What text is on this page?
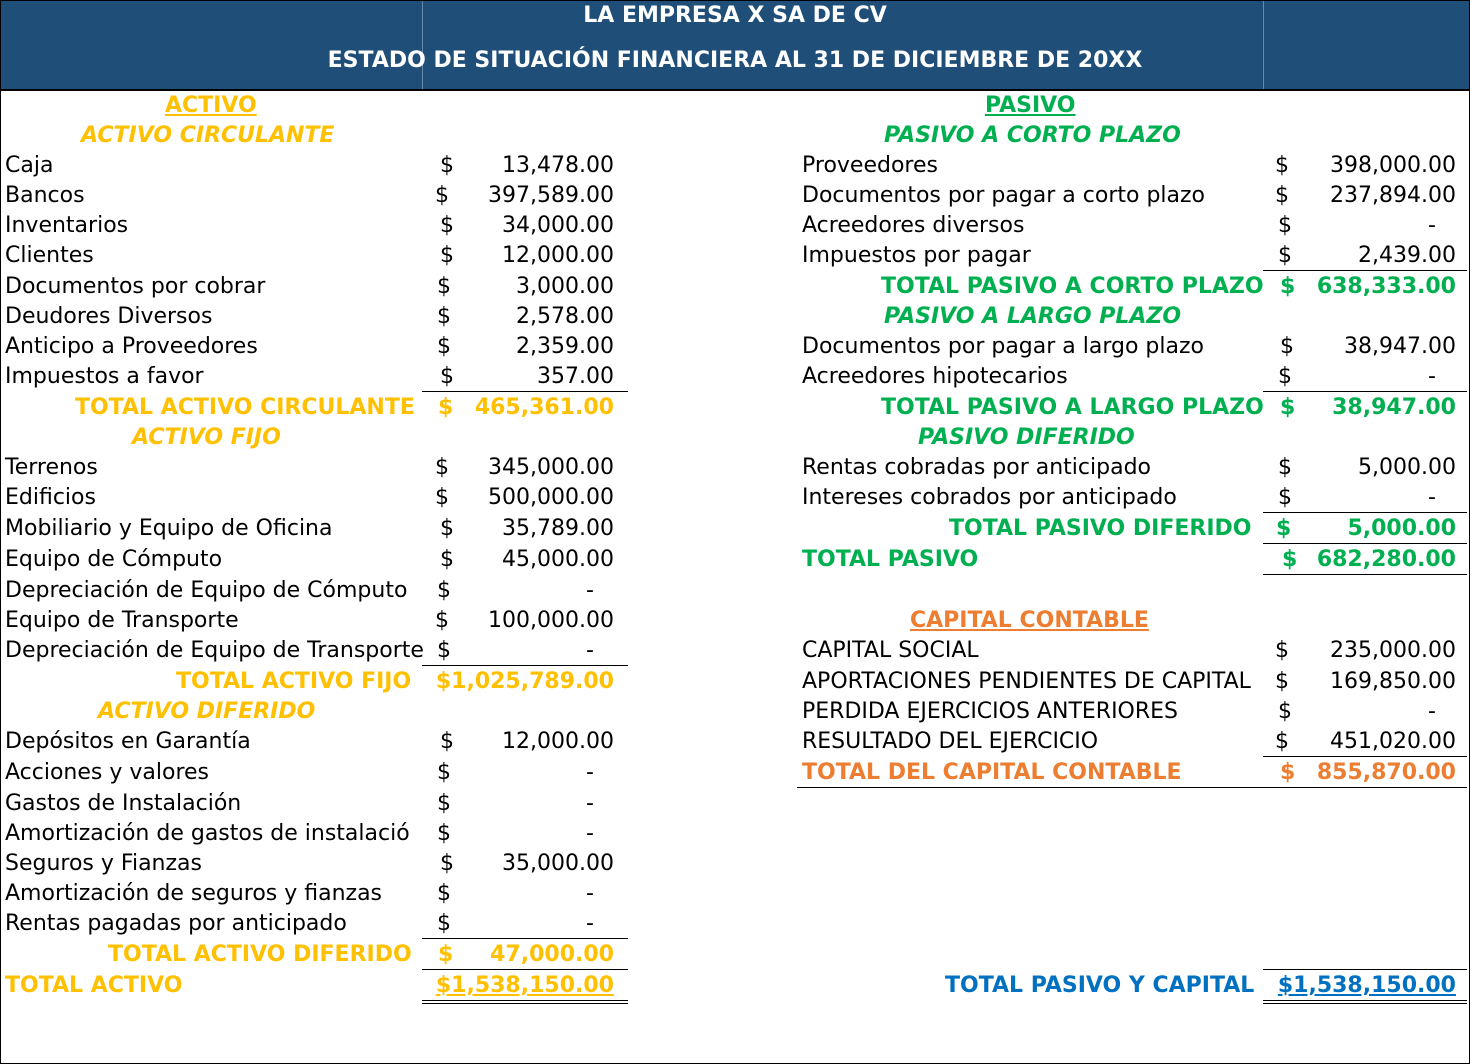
LA EMPRESA X SA DE CV
ESTADO DE SITUACIÓN FINANCIERA AL 31 DE DICIEMBRE DE 20XX
ACTIVO
ACTIVO CIRCULANTE
Caja	$ 13,478.00
Bancos	$ 397,589.00
Inventarios	$ 34,000.00
Clientes	$ 12,000.00
Documentos por cobrar	$	3,000.00
Deudores Diversos	$	2,578.00
Anticipo a Proveedores	$	2,359.00
Impuestos a favor	$	357.00
TOTAL ACTIVO CIRCULANTE $ 465,361.00
ACTIVO FIJO
Terrenos	$ 345,000.00
Edificios	$ 500,000.00
Mobiliario y Equipo de Oficina	$ 35,789.00
Equipo de Cómputo	$ 45,000.00
Depreciación de Equipo de Cómputo $	-
Equipo de Transporte	$ 100,000.00
Depreciación de Equipo de Transporte $	-
TOTAL ACTIVO FIJO $1,025,789.00
ACTIVO DIFERIDO
Depósitos en Garantía	$ 12,000.00
Acciones y valores	$	-
Gastos de Instalación	$	-
Amortización de gastos de instalació $	-
Seguros y Fianzas	$ 35,000.00
Amortización de seguros y fianzas $	-
Rentas pagadas por anticipado	$	-
TOTAL ACTIVO DIFERIDO $ 47,000.00
TOTAL ACTIVO	$1,538,150.00
PASIVO
PASIVO A CORTO PLAZO
Proveedores	$ 398,000.00
Documentos por pagar a corto plazo	$ 237,894.00
Acreedores diversos	$	-
Impuestos por pagar	$	2,439.00
TOTAL PASIVO A CORTO PLAZO $ 638,333.00
PASIVO A LARGO PLAZO
Documentos por pagar a largo plazo	$ 38,947.00
Acreedores hipotecarios	$	-
TOTAL PASIVO A LARGO PLAZO $ 38,947.00
PASIVO DIFERIDO
Rentas cobradas por anticipado	$	5,000.00
Intereses cobrados por anticipado	$	-
TOTAL PASIVO DIFERIDO $	5,000.00
TOTAL PASIVO	$ 682,280.00
CAPITAL CONTABLE
CAPITAL SOCIAL	$ 235,000.00
APORTACIONES PENDIENTES DE CAPITAL $ 169,850.00
PERDIDA EJERCICIOS ANTERIORES	$	-
RESULTADO DEL EJERCICIO	$ 451,020.00
TOTAL DEL CAPITAL CONTABLE	$ 855,870.00
TOTAL PASIVO Y CAPITAL $1,538,150.00
